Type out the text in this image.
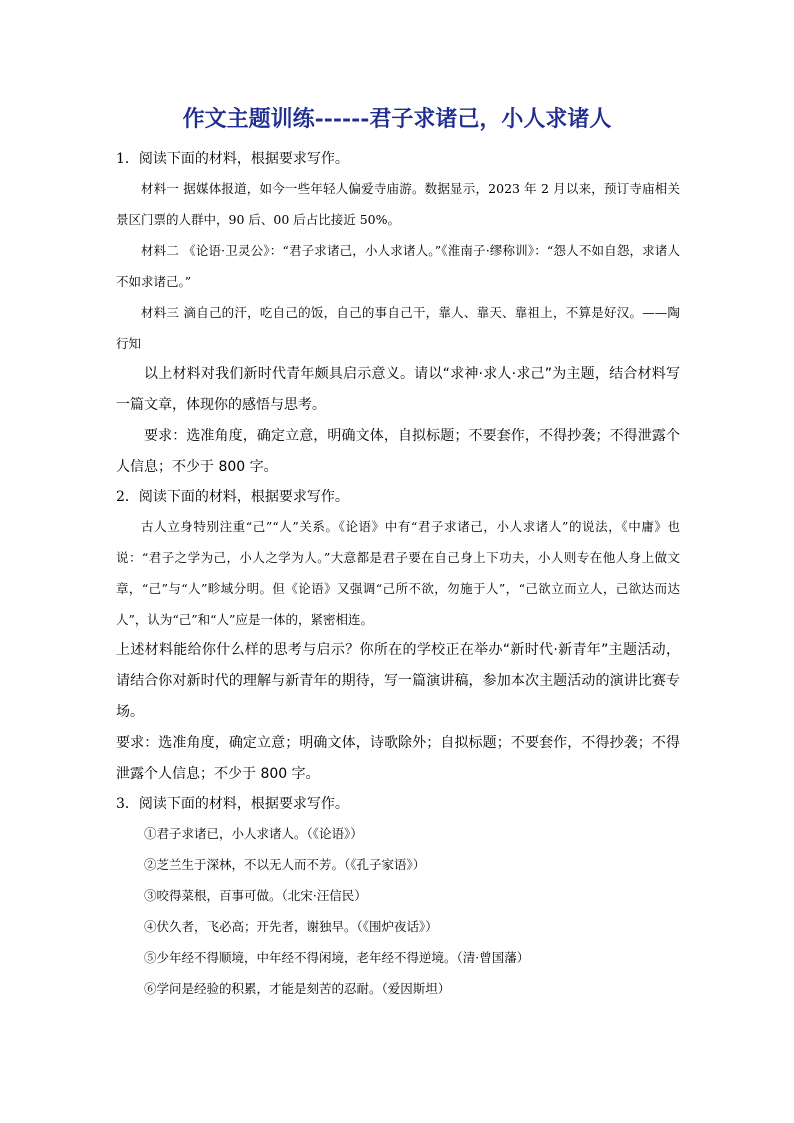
作文主题训练------君子求诸己，小人求诸人
1．阅读下面的材料，根据要求写作。

材料一 据媒体报道，如今一些年轻人偏爱寺庙游。数据显示，2023 年 2 月以来，预订寺庙相关景区门票的人群中，90 后、00 后占比接近 50%。

材料二 《论语·卫灵公》：“君子求诸己，小人求诸人。”《淮南子·缪称训》：“怨人不如自怨，求诸人不如求诸己。”

材料三 滴自己的汗，吃自己的饭，自己的事自己干，靠人、靠天、靠祖上，不算是好汉。——陶行知

以上材料对我们新时代青年颇具启示意义。请以“求神·求人·求己”为主题，结合材料写一篇文章，体现你的感悟与思考。

要求：选准角度，确定立意，明确文体，自拟标题；不要套作，不得抄袭；不得泄露个人信息；不少于 800 字。

2．阅读下面的材料，根据要求写作。

古人立身特别注重“己”“人”关系。《论语》中有“君子求诸己，小人求诸人”的说法，《中庸》也说：“君子之学为己，小人之学为人。”大意都是君子要在自己身上下功夫，小人则专在他人身上做文章，“己”与“人”畛域分明。但《论语》又强调“己所不欲，勿施于人”，“己欲立而立人，己欲达而达人”，认为“己”和“人”应是一体的，紧密相连。

上述材料能给你什么样的思考与启示？你所在的学校正在举办“新时代·新青年”主题活动，请结合你对新时代的理解与新青年的期待，写一篇演讲稿，参加本次主题活动的演讲比赛专场。

要求：选准角度，确定立意；明确文体，诗歌除外；自拟标题；不要套作，不得抄袭；不得泄露个人信息；不少于 800 字。

3．阅读下面的材料，根据要求写作。

①君子求诸已，小人求诸人。（《论语》）

②芝兰生于深林，不以无人而不芳。（《孔子家语》）

③咬得菜根，百事可做。（北宋·汪信民）

④伏久者，飞必高；开先者，谢独早。（《围炉夜话》）

⑤少年经不得顺境，中年经不得闲境，老年经不得逆境。（清·曾国藩）

⑥学问是经验的积累，才能是刻苦的忍耐。（爱因斯坦）
